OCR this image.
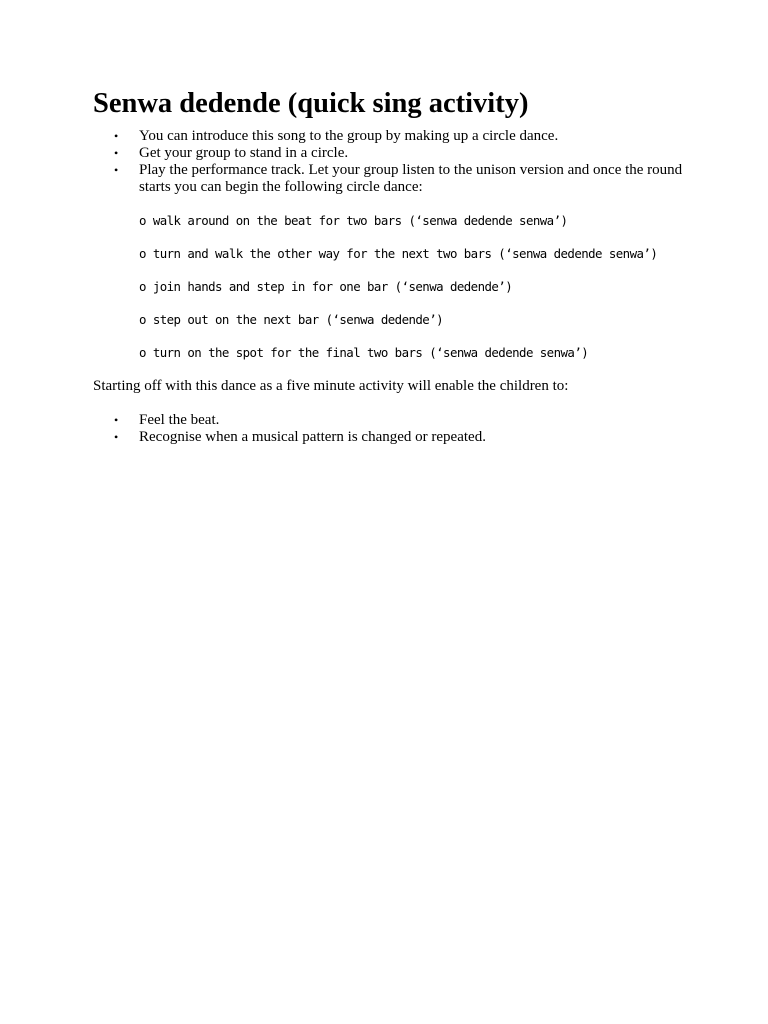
Senwa dedende (quick sing activity)
• You can introduce this song to the group by making up a circle dance.
• Get your group to stand in a circle.
• Play the performance track. Let your group listen to the unison version and once the round starts you can begin the following circle dance:

o walk around on the beat for two bars (‘senwa dedende senwa’)

o turn and walk the other way for the next two bars (‘senwa dedende senwa’)

o join hands and step in for one bar (‘senwa dedende’)

o step out on the next bar (‘senwa dedende’)

o turn on the spot for the final two bars (‘senwa dedende senwa’)

Starting off with this dance as a five minute activity will enable the children to:

• Feel the beat.
• Recognise when a musical pattern is changed or repeated.
